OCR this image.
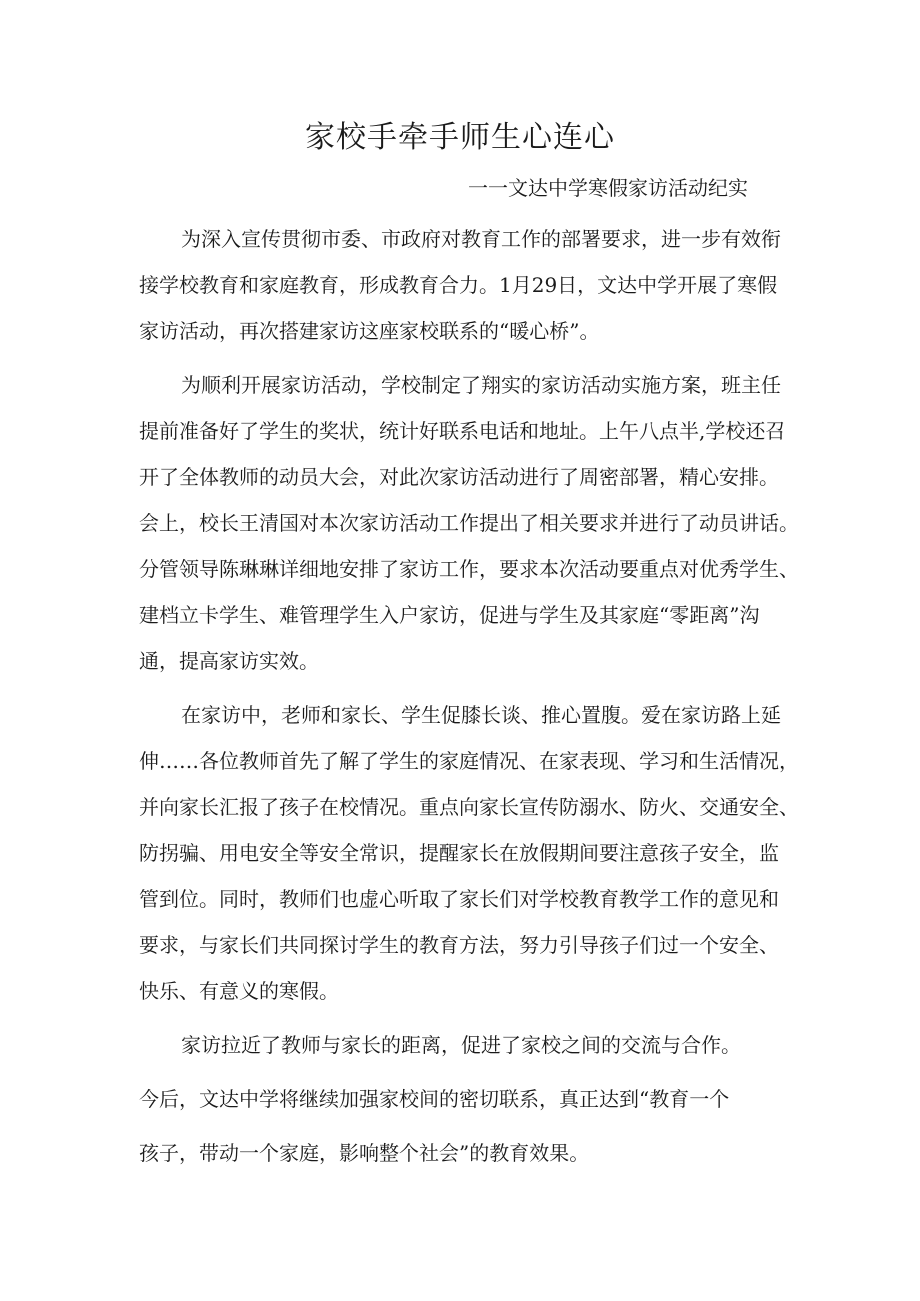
家校手牵手师生心连心

一一文达中学寒假家访活动纪实

为深入宣传贯彻市委、市政府对教育工作的部署要求，进一步有效衔

接学校教育和家庭教育，形成教育合力。1月29日，文达中学开展了寒假

家访活动，再次搭建家访这座家校联系的“暖心桥”。

为顺利开展家访活动，学校制定了翔实的家访活动实施方案，班主任

提前准备好了学生的奖状，统计好联系电话和地址。上午八点半,学校还召

开了全体教师的动员大会，对此次家访活动进行了周密部署，精心安排。

会上，校长王清国对本次家访活动工作提出了相关要求并进行了动员讲话。

分管领导陈琳琳详细地安排了家访工作，要求本次活动要重点对优秀学生、

建档立卡学生、难管理学生入户家访，促进与学生及其家庭“零距离”沟

通，提高家访实效。

在家访中，老师和家长、学生促膝长谈、推心置腹。爱在家访路上延

伸……各位教师首先了解了学生的家庭情况、在家表现、学习和生活情况，

并向家长汇报了孩子在校情况。重点向家长宣传防溺水、防火、交通安全、

防拐骗、用电安全等安全常识，提醒家长在放假期间要注意孩子安全，监

管到位。同时，教师们也虚心听取了家长们对学校教育教学工作的意见和

要求，与家长们共同探讨学生的教育方法，努力引导孩子们过一个安全、

快乐、有意义的寒假。

家访拉近了教师与家长的距离，促进了家校之间的交流与合作。

今后，文达中学将继续加强家校间的密切联系，真正达到“教育一个

孩子，带动一个家庭，影响整个社会”的教育效果。
